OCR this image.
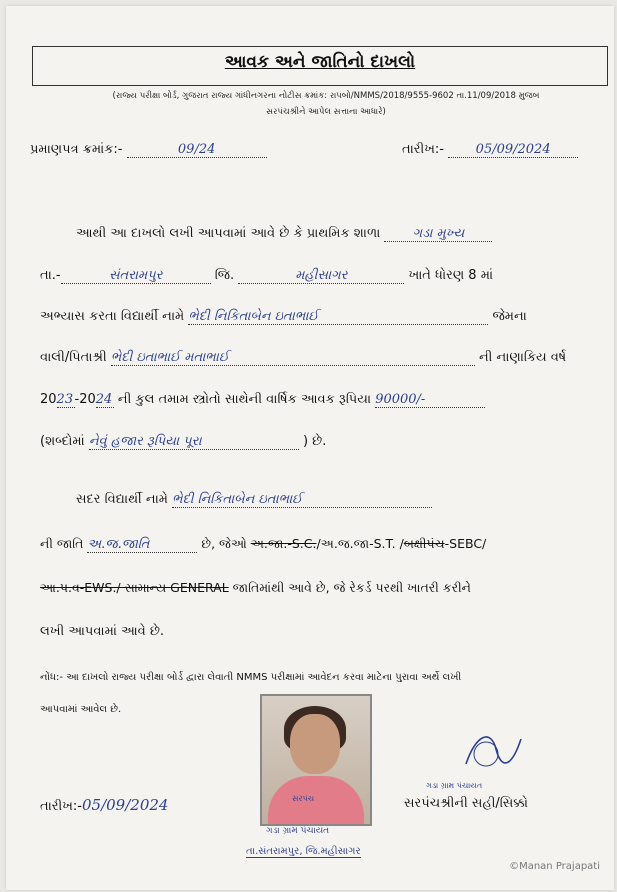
આવક અને જાતિનો દાખલો
(રાજ્ય પરીક્ષા બોર્ડ, ગુજરાત રાજ્ય ગાંધીનગરના નોટીસ ક્રમાંક: રાપબો/NMMS/2018/9555-9602 તા.11/09/2018 મુજબ
સરપંચશ્રીને આપેલ સત્તાના આધારે)
પ્રમાણપત્ર ક્રમાંક:-	09/24	તારીખ:- 05/09/2024
આથી આ દાખલો લખી આપવામાં આવે છે કે પ્રાથમિક શાળા ગડા મુખ્ય
તા.-	સંતરામપુર	જિ.	મહીસાગર	ખાતે ધોરણ 8 માં
અભ્યાસ કરતા વિદ્યાર્થી નામે ભેદી નિકિતાબેન ઇતાભાઈ	જેમના
વાલી/પિતાશ્રી ભેદી ઇતાભાઈ મતાભાઈ	ની નાણાકિય વર્ષ
2023-2024 ની કુલ તમામ સ્ત્રોતો સાથેની વાર્ષિક આવક રૂપિયા 90000/-
(શબ્દોમાં નેવું હજાર રૂપિયા પૂરા	) છે.
સદર વિદ્યાર્થી નામે ભેદી નિકિતાબેન ઇતાભાઈ
ની જાતિ અ.જ.જાતિ	છે, જેઓ અ.જા.-S.C./અ.જ.જા-S.T. /બક્ષીપંચ-SEBC/
આ.પ.વ-EWS./ સામાન્ય GENERAL જાતિમાંથી આવે છે, જે રેકર્ડ પરથી ખાતરી કરીને
લખી આપવામાં આવે છે.
નોંધ:- આ દાખલો રાજ્ય પરીક્ષા બોર્ડ દ્વારા લેવાતી NMMS પરીક્ષામાં આવેદન કરવા માટેના પુરાવા અર્થે લખી
આપવામાં આવેલ છે.
સરપંચ
ગડા ગ્રામ પંચાયત
તા.સંતરામપુર, જિ.મહીસાગર
તારીખ:-05/09/2024
ગડા ગ્રામ પંચાયત
સરપંચશ્રીની સહી/સિક્કો
©Manan Prajapati
